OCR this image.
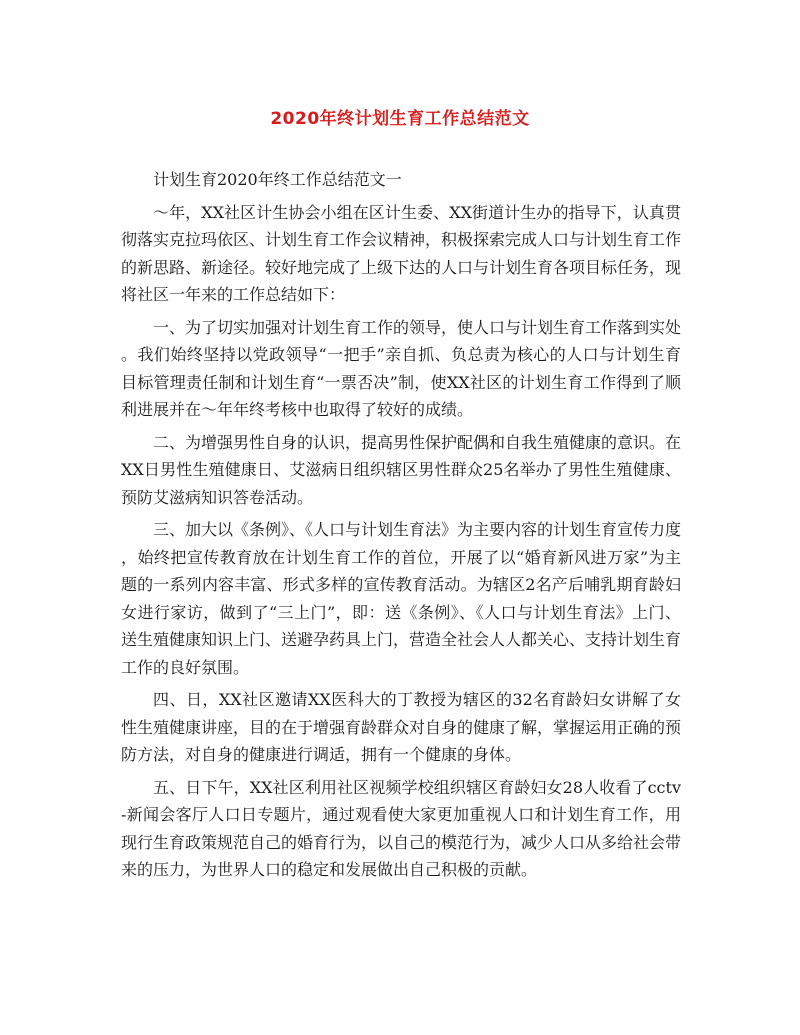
2020年终计划生育工作总结范文

计划生育2020年终工作总结范文一

～年，XX社区计生协会小组在区计生委、XX街道计生办的指导下，认真贯彻落实克拉玛依区、计划生育工作会议精神，积极探索完成人口与计划生育工作的新思路、新途径。较好地完成了上级下达的人口与计划生育各项目标任务，现将社区一年来的工作总结如下：

一、为了切实加强对计划生育工作的领导，使人口与计划生育工作落到实处。我们始终坚持以党政领导“一把手”亲自抓、负总责为核心的人口与计划生育目标管理责任制和计划生育“一票否决”制，使XX社区的计划生育工作得到了顺利进展并在～年年终考核中也取得了较好的成绩。

二、为增强男性自身的认识，提高男性保护配偶和自我生殖健康的意识。在XX日男性生殖健康日、艾滋病日组织辖区男性群众25名举办了男性生殖健康、预防艾滋病知识答卷活动。

三、加大以《条例》、《人口与计划生育法》为主要内容的计划生育宣传力度，始终把宣传教育放在计划生育工作的首位，开展了以“婚育新风进万家”为主题的一系列内容丰富、形式多样的宣传教育活动。为辖区2名产后哺乳期育龄妇女进行家访，做到了“三上门”，即：送《条例》、《人口与计划生育法》上门、送生殖健康知识上门、送避孕药具上门，营造全社会人人都关心、支持计划生育工作的良好氛围。

四、日，XX社区邀请XX医科大的丁教授为辖区的32名育龄妇女讲解了女性生殖健康讲座，目的在于增强育龄群众对自身的健康了解，掌握运用正确的预防方法，对自身的健康进行调适，拥有一个健康的身体。

五、日下午，XX社区利用社区视频学校组织辖区育龄妇女28人收看了cctv-新闻会客厅人口日专题片，通过观看使大家更加重视人口和计划生育工作，用现行生育政策规范自己的婚育行为，以自己的模范行为，减少人口从多给社会带来的压力，为世界人口的稳定和发展做出自己积极的贡献。
